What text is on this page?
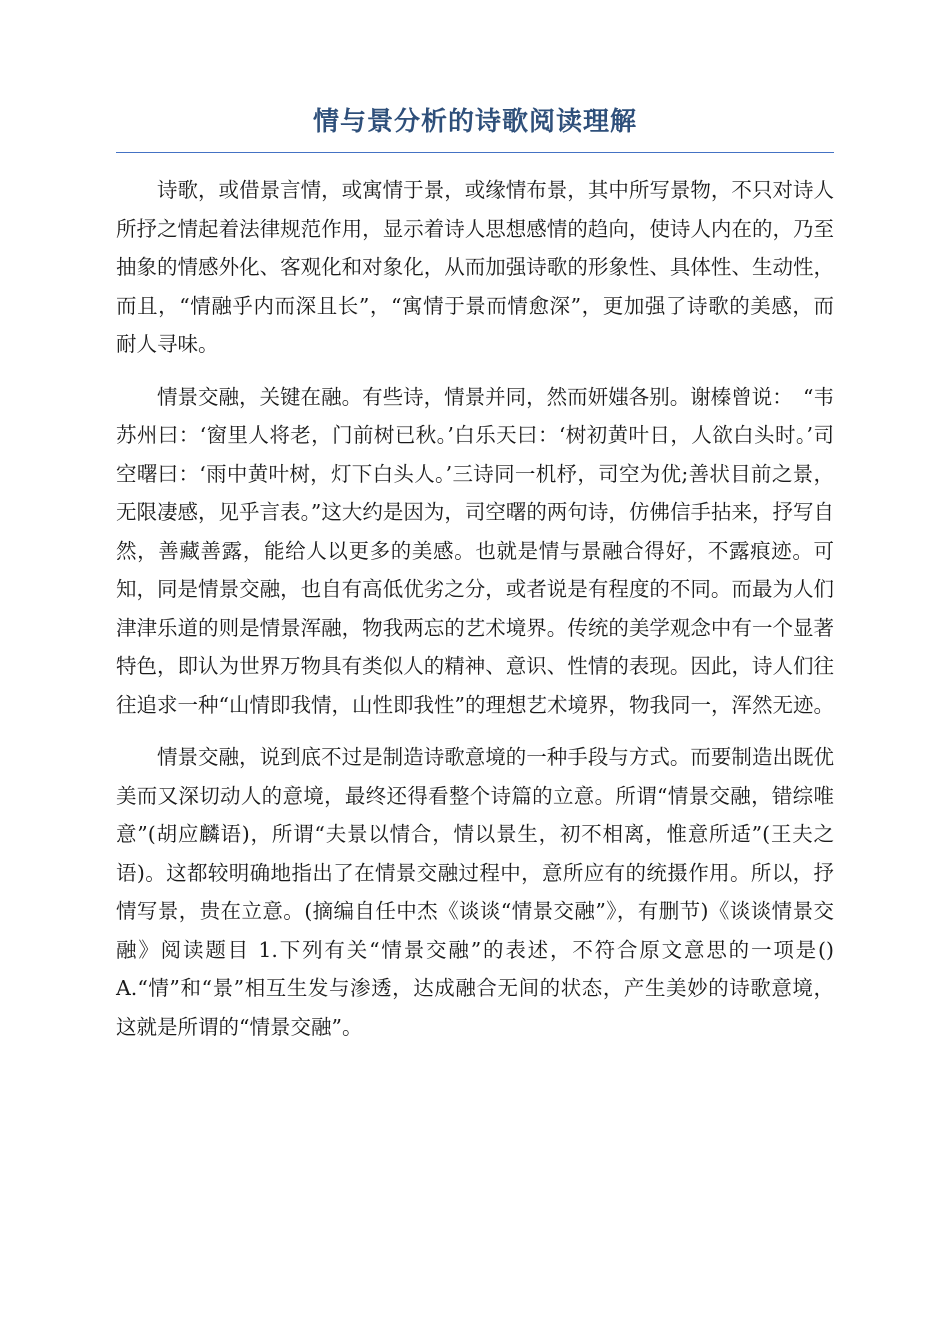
情与景分析的诗歌阅读理解

诗歌，或借景言情，或寓情于景，或缘情布景，其中所写景物，不只对诗人所抒之情起着法律规范作用，显示着诗人思想感情的趋向，使诗人内在的，乃至抽象的情感外化、客观化和对象化，从而加强诗歌的形象性、具体性、生动性，而且，“情融乎内而深且长”，“寓情于景而情愈深”，更加强了诗歌的美感，而耐人寻味。

情景交融，关键在融。有些诗，情景并同，然而妍媸各别。谢榛曾说：　“韦苏州曰：‘窗里人将老，门前树已秋。’白乐天曰：‘树初黄叶日，人欲白头时。’司空曙曰：‘雨中黄叶树，灯下白头人。’三诗同一机杼，司空为优;善状目前之景，无限凄感，见乎言表。”这大约是因为，司空曙的两句诗，仿佛信手拈来，抒写自然，善藏善露，能给人以更多的美感。也就是情与景融合得好，不露痕迹。可知，同是情景交融，也自有高低优劣之分，或者说是有程度的不同。而最为人们津津乐道的则是情景浑融，物我两忘的艺术境界。传统的美学观念中有一个显著特色，即认为世界万物具有类似人的精神、意识、性情的表现。因此，诗人们往往追求一种“山情即我情，山性即我性”的理想艺术境界，物我同一，浑然无迹。

情景交融，说到底不过是制造诗歌意境的一种手段与方式。而要制造出既优美而又深切动人的意境，最终还得看整个诗篇的立意。所谓“情景交融，错综唯意”(胡应麟语)，所谓“夫景以情合，情以景生，初不相离，惟意所适”(王夫之语)。这都较明确地指出了在情景交融过程中，意所应有的统摄作用。所以，抒情写景，贵在立意。(摘编自任中杰《谈谈“情景交融”》，有删节)《谈谈情景交融》阅读题目 1.下列有关“情景交融”的表述，不符合原文意思的一项是()A.“情”和“景”相互生发与渗透，达成融合无间的状态，产生美妙的诗歌意境，这就是所谓的“情景交融”。
